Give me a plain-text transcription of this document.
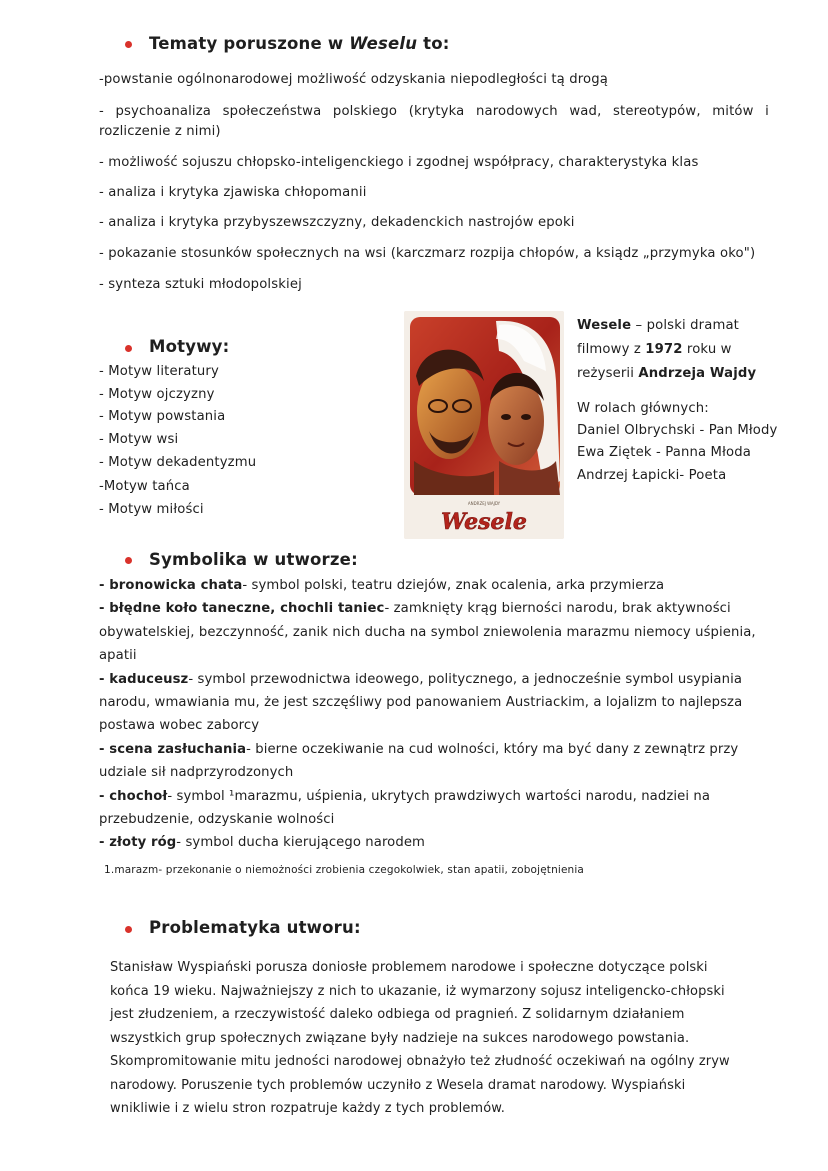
Tematy poruszone w Weselu to:
-powstanie ogólnonarodowej możliwość odzyskania niepodległości tą drogą
- psychoanaliza społeczeństwa polskiego (krytyka narodowych wad, stereotypów, mitów i rozliczenie z nimi)
- możliwość sojuszu chłopsko-inteligenckiego i zgodnej współpracy, charakterystyka klas
- analiza i krytyka zjawiska chłopomanii
- analiza i krytyka przybyszewszczyzny, dekadenckich nastrojów epoki
- pokazanie stosunków społecznych na wsi (karczmarz rozpija chłopów, a ksiądz „przymyka oko")
- synteza sztuki młodopolskiej
Motywy:
- Motyw literatury
- Motyw ojczyzny
- Motyw powstania
- Motyw wsi
- Motyw dekadentyzmu
-Motyw tańca
- Motyw miłości	Wesele
ANDRZEJ WAJDY
Wesele – polski dramat
filmowy z 1972 roku w
reżyserii Andrzeja Wajdy
W rolach głównych:
Daniel Olbrychski - Pan Młody
Ewa Ziętek - Panna Młoda
Andrzej Łapicki- Poeta
Symbolika w utworze:
- bronowicka chata- symbol polski, teatru dziejów, znak ocalenia, arka przymierza
- błędne koło taneczne, chochli taniec- zamknięty krąg bierności narodu, brak aktywności obywatelskiej, bezczynność, zanik nich ducha na symbol zniewolenia marazmu niemocy uśpienia, apatii
- kaduceusz- symbol przewodnictwa ideowego, politycznego, a jednocześnie symbol usypiania narodu, wmawiania mu, że jest szczęśliwy pod panowaniem Austriackim, a lojalizm to najlepsza postawa wobec zaborcy
- scena zasłuchania- bierne oczekiwanie na cud wolności, który ma być dany z zewnątrz przy udziale sił nadprzyrodzonych
- chochoł- symbol ¹marazmu, uśpienia, ukrytych prawdziwych wartości narodu, nadziei na przebudzenie, odzyskanie wolności
- złoty róg- symbol ducha kierującego narodem
1.marazm- przekonanie o niemożności zrobienia czegokolwiek, stan apatii, zobojętnienia
Problematyka utworu:
Stanisław Wyspiański porusza doniosłe problemem narodowe i społeczne dotyczące polski
końca 19 wieku. Najważniejszy z nich to ukazanie, iż wymarzony sojusz inteligencko-chłopski
jest złudzeniem, a rzeczywistość daleko odbiega od pragnień. Z solidarnym działaniem
wszystkich grup społecznych związane były nadzieje na sukces narodowego powstania.
Skompromitowanie mitu jedności narodowej obnażyło też złudność oczekiwań na ogólny zryw
narodowy. Poruszenie tych problemów uczyniło z Wesela dramat narodowy. Wyspiański
wnikliwie i z wielu stron rozpatruje każdy z tych problemów.
